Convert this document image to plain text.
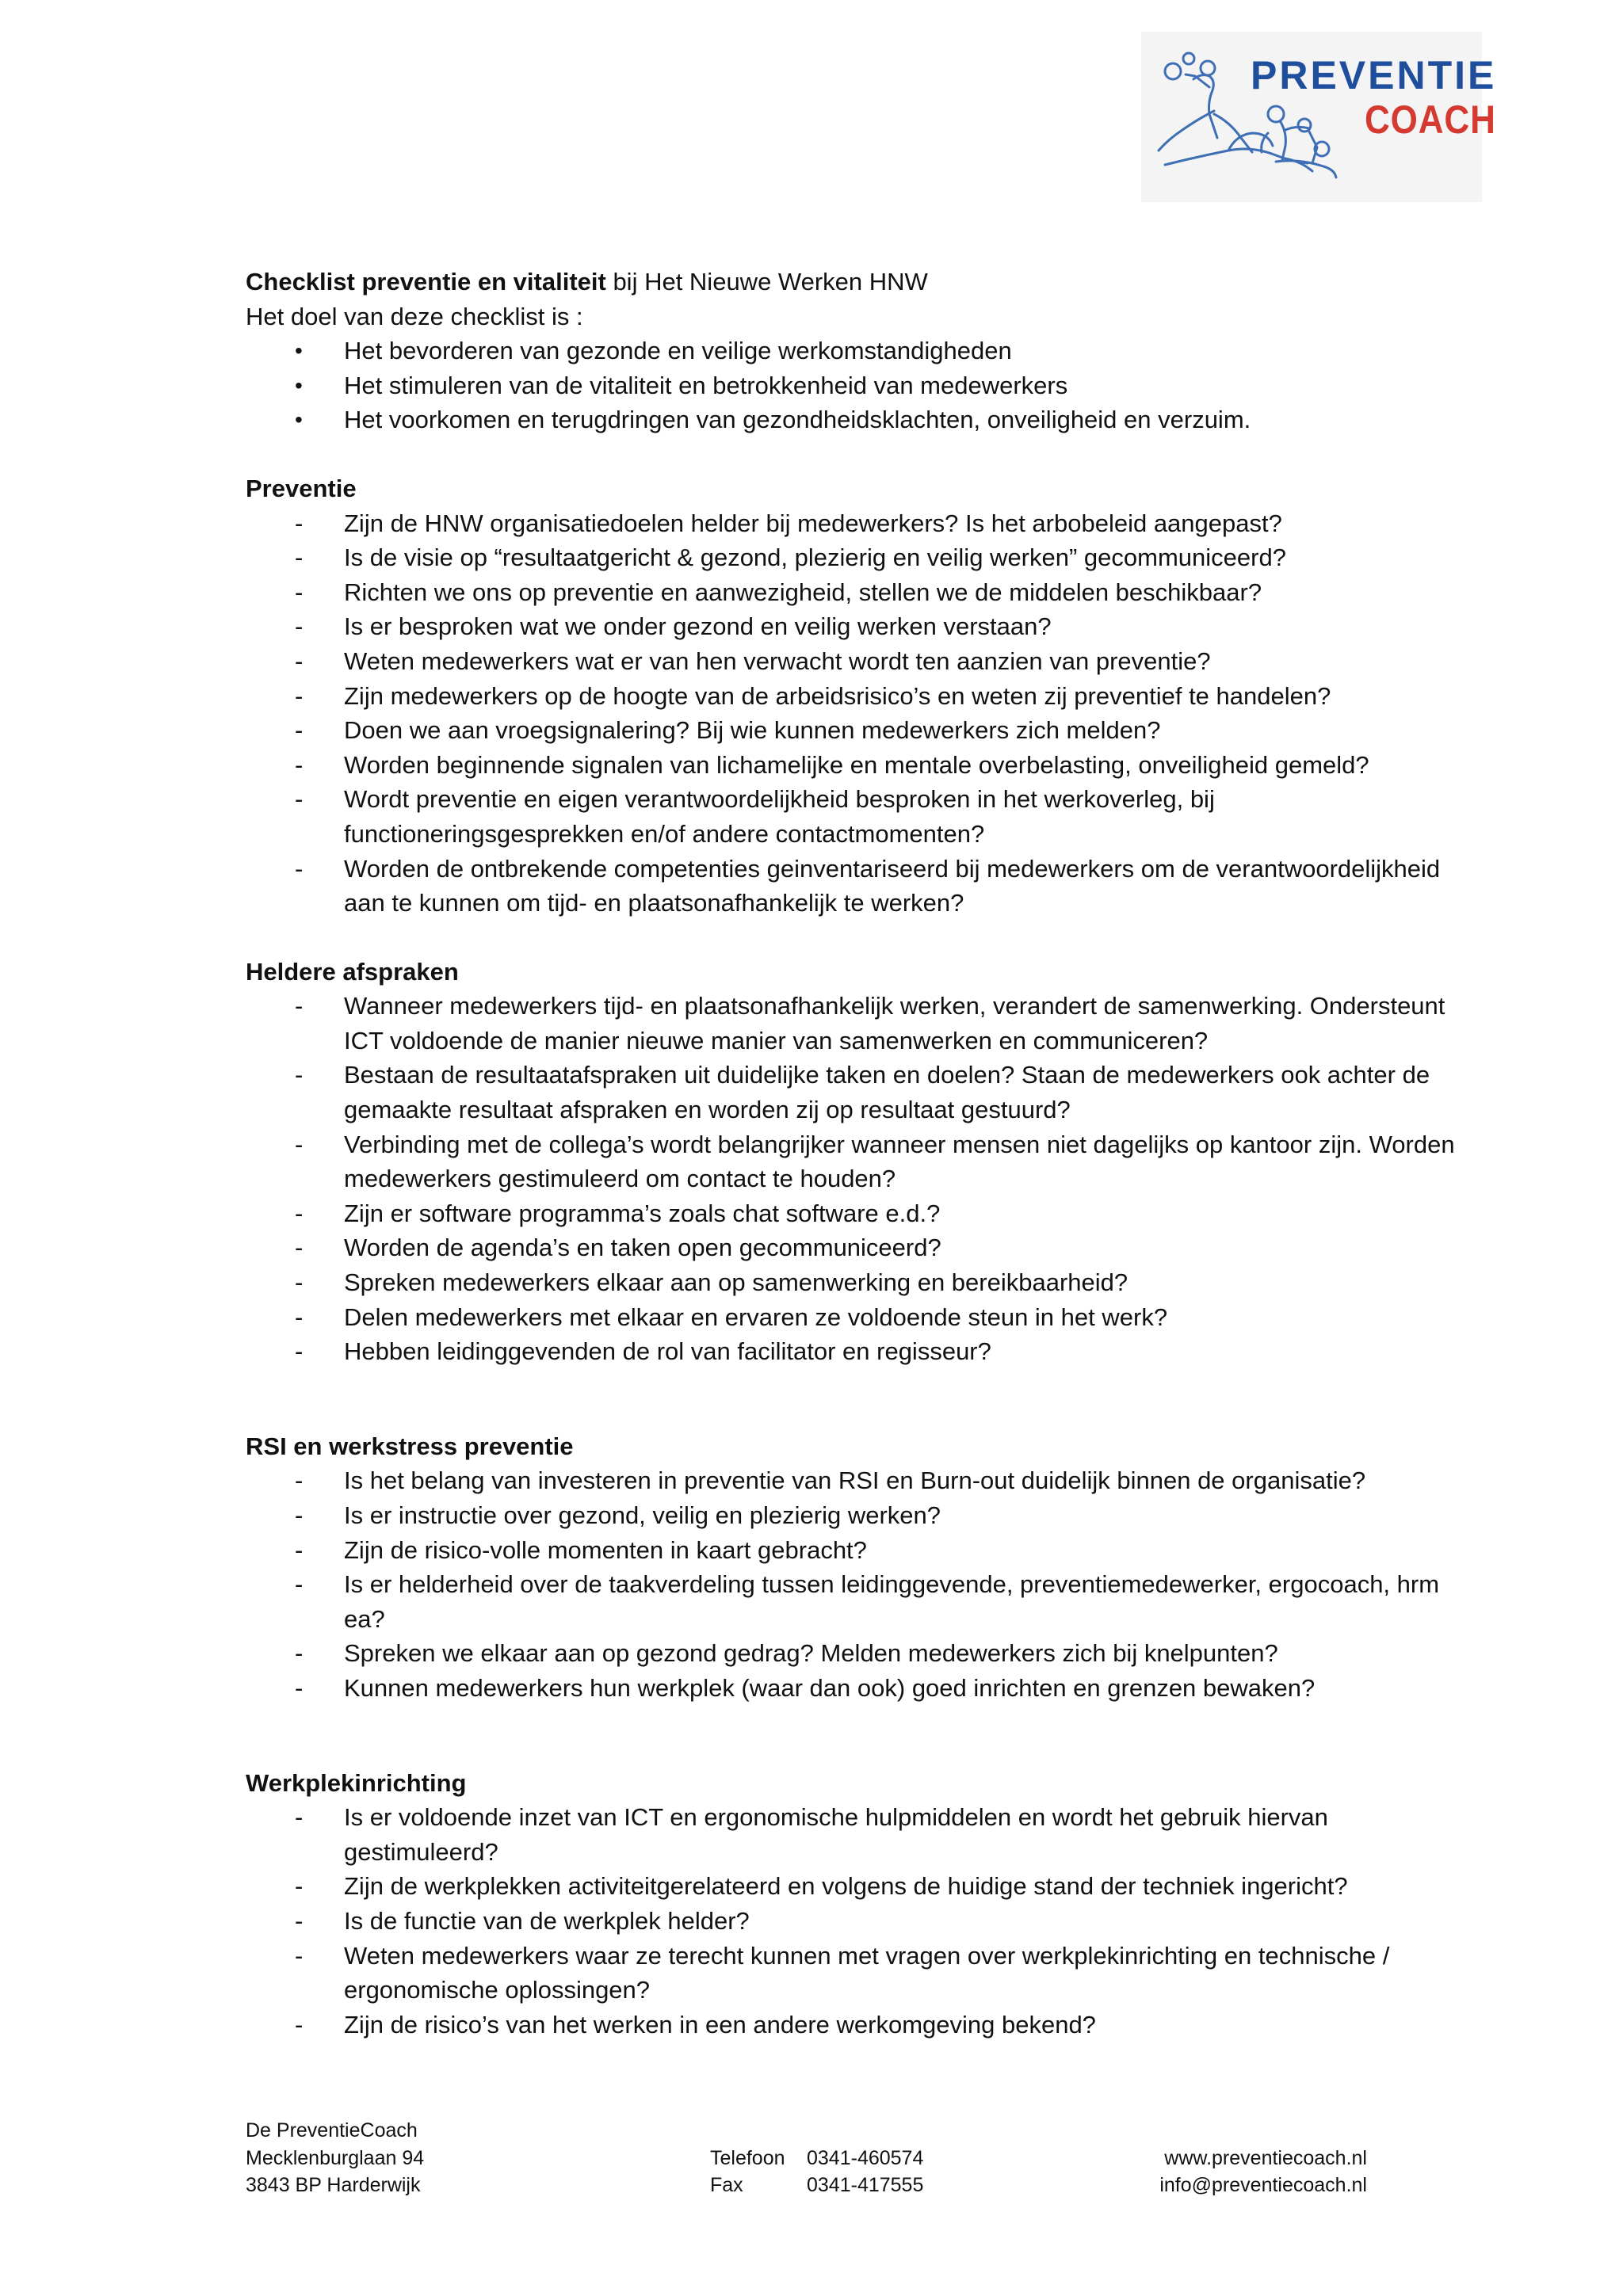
PREVENTIE
COACH

Checklist preventie en vitaliteit bij Het Nieuwe Werken HNW

Het doel van deze checklist is :

• Het bevorderen van gezonde en veilige werkomstandigheden
• Het stimuleren van de vitaliteit en betrokkenheid van medewerkers
• Het voorkomen en terugdringen van gezondheidsklachten, onveiligheid en verzuim.

Preventie

- Zijn de HNW organisatiedoelen helder bij medewerkers? Is het arbobeleid aangepast?
- Is de visie op “resultaatgericht & gezond, plezierig en veilig werken” gecommuniceerd?
- Richten we ons op preventie en aanwezigheid, stellen we de middelen beschikbaar?
- Is er besproken wat we onder gezond en veilig werken verstaan?
- Weten medewerkers wat er van hen verwacht wordt ten aanzien van preventie?
- Zijn medewerkers op de hoogte van de arbeidsrisico’s en weten zij preventief te handelen?
- Doen we aan vroegsignalering? Bij wie kunnen medewerkers zich melden?
- Worden beginnende signalen van lichamelijke en mentale overbelasting, onveiligheid gemeld?
- Wordt preventie en eigen verantwoordelijkheid besproken in het werkoverleg, bij functioneringsgesprekken en/of andere contactmomenten?
- Worden de ontbrekende competenties geinventariseerd bij medewerkers om de verantwoordelijkheid aan te kunnen om tijd- en plaatsonafhankelijk te werken?

Heldere afspraken

- Wanneer medewerkers tijd- en plaatsonafhankelijk werken, verandert de samenwerking. Ondersteunt ICT voldoende de manier nieuwe manier van samenwerken en communiceren?
- Bestaan de resultaatafspraken uit duidelijke taken en doelen? Staan de medewerkers ook achter de gemaakte resultaat afspraken en worden zij op resultaat gestuurd?
- Verbinding met de collega’s wordt belangrijker wanneer mensen niet dagelijks op kantoor zijn. Worden medewerkers gestimuleerd om contact te houden?
- Zijn er software programma’s zoals chat software e.d.?
- Worden de agenda’s en taken open gecommuniceerd?
- Spreken medewerkers elkaar aan op samenwerking en bereikbaarheid?
- Delen medewerkers met elkaar en ervaren ze voldoende steun in het werk?
- Hebben leidinggevenden de rol van facilitator en regisseur?

RSI en werkstress preventie

- Is het belang van investeren in preventie van RSI en Burn-out duidelijk binnen de organisatie?
- Is er instructie over gezond, veilig en plezierig werken?
- Zijn de risico-volle momenten in kaart gebracht?
- Is er helderheid over de taakverdeling tussen leidinggevende, preventiemedewerker, ergocoach, hrm ea?
- Spreken we elkaar aan op gezond gedrag? Melden medewerkers zich bij knelpunten?
- Kunnen medewerkers hun werkplek (waar dan ook) goed inrichten en grenzen bewaken?

Werkplekinrichting

- Is er voldoende inzet van ICT en ergonomische hulpmiddelen en wordt het gebruik hiervan gestimuleerd?
- Zijn de werkplekken activiteitgerelateerd en volgens de huidige stand der techniek ingericht?
- Is de functie van de werkplek helder?
- Weten medewerkers waar ze terecht kunnen met vragen over werkplekinrichting en technische / ergonomische oplossingen?
- Zijn de risico’s van het werken in een andere werkomgeving bekend?
De PreventieCoach
Mecklenburglaan 94
3843 BP Harderwijk
Telefoon 0341-460574
Fax	0341-417555
www.preventiecoach.nl
info@preventiecoach.nl
